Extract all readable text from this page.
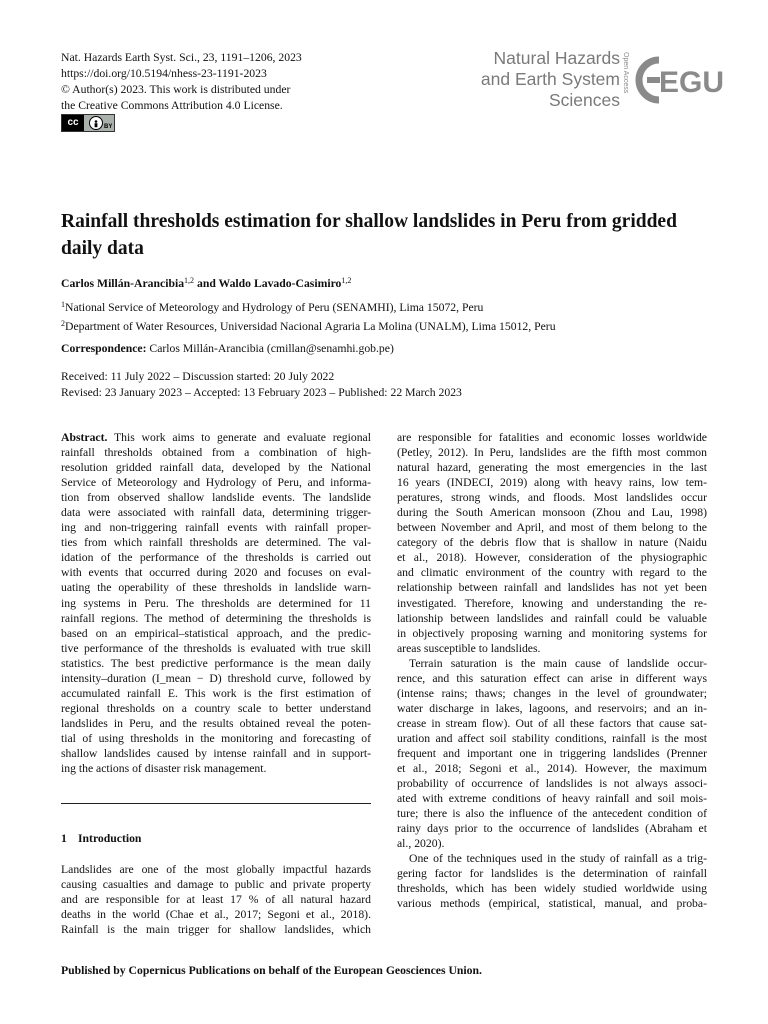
Nat. Hazards Earth Syst. Sci., 23, 1191–1206, 2023
https://doi.org/10.5194/nhess-23-1191-2023
© Author(s) 2023. This work is distributed under
the Creative Commons Attribution 4.0 License.
cc	BY
Natural Hazards
and Earth System
Sciences
Open Access EGU
Rainfall thresholds estimation for shallow landslides in Peru from gridded daily data
Carlos Millán-Arancibia$^{1,2}$ and Waldo Lavado-Casimiro$^{1,2}$
$^1$National Service of Meteorology and Hydrology of Peru (SENAMHI), Lima 15072, Peru
$^2$Department of Water Resources, Universidad Nacional Agraria La Molina (UNALM), Lima 15012, Peru
Correspondence: Carlos Millán-Arancibia (cmillan@senamhi.gob.pe)
Received: 11 July 2022 – Discussion started: 20 July 2022
Revised: 23 January 2023 – Accepted: 13 February 2023 – Published: 22 March 2023
Abstract. This work aims to generate and evaluate regional
rainfall thresholds obtained from a combination of high-
resolution gridded rainfall data, developed by the National
Service of Meteorology and Hydrology of Peru, and informa-
tion from observed shallow landslide events. The landslide
data were associated with rainfall data, determining trigger-
ing and non-triggering rainfall events with rainfall proper-
ties from which rainfall thresholds are determined. The val-
idation of the performance of the thresholds is carried out
with events that occurred during 2020 and focuses on eval-
uating the operability of these thresholds in landslide warn-
ing systems in Peru. The thresholds are determined for 11
rainfall regions. The method of determining the thresholds is
based on an empirical–statistical approach, and the predic-
tive performance of the thresholds is evaluated with true skill
statistics. The best predictive performance is the mean daily
intensity–duration (I_mean − D) threshold curve, followed by
accumulated rainfall E. This work is the first estimation of
regional thresholds on a country scale to better understand
landslides in Peru, and the results obtained reveal the poten-
tial of using thresholds in the monitoring and forecasting of
shallow landslides caused by intense rainfall and in support-
ing the actions of disaster risk management.
1 Introduction
Landslides are one of the most globally impactful hazards
causing casualties and damage to public and private property
and are responsible for at least 17 % of all natural hazard
deaths in the world (Chae et al., 2017; Segoni et al., 2018).
Rainfall is the main trigger for shallow landslides, which
are responsible for fatalities and economic losses worldwide
(Petley, 2012). In Peru, landslides are the fifth most common
natural hazard, generating the most emergencies in the last
16 years (INDECI, 2019) along with heavy rains, low tem-
peratures, strong winds, and floods. Most landslides occur
during the South American monsoon (Zhou and Lau, 1998)
between November and April, and most of them belong to the
category of the debris flow that is shallow in nature (Naidu
et al., 2018). However, consideration of the physiographic
and climatic environment of the country with regard to the
relationship between rainfall and landslides has not yet been
investigated. Therefore, knowing and understanding the re-
lationship between landslides and rainfall could be valuable
in objectively proposing warning and monitoring systems for
areas susceptible to landslides.
Terrain saturation is the main cause of landslide occur-
rence, and this saturation effect can arise in different ways
(intense rains; thaws; changes in the level of groundwater;
water discharge in lakes, lagoons, and reservoirs; and an in-
crease in stream flow). Out of all these factors that cause sat-
uration and affect soil stability conditions, rainfall is the most
frequent and important one in triggering landslides (Prenner
et al., 2018; Segoni et al., 2014). However, the maximum
probability of occurrence of landslides is not always associ-
ated with extreme conditions of heavy rainfall and soil mois-
ture; there is also the influence of the antecedent condition of
rainy days prior to the occurrence of landslides (Abraham et
al., 2020).
One of the techniques used in the study of rainfall as a trig-
gering factor for landslides is the determination of rainfall
thresholds, which has been widely studied worldwide using
various methods (empirical, statistical, manual, and proba-
Published by Copernicus Publications on behalf of the European Geosciences Union.
